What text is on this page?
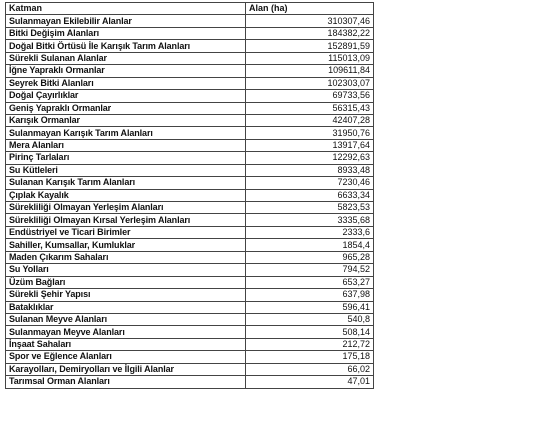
Katman	Alan (ha)
Sulanmayan Ekilebilir Alanlar	310307,46
Bitki Değişim Alanları	184382,22
Doğal Bitki Örtüsü İle Karışık Tarım Alanları	152891,59
Sürekli Sulanan Alanlar	115013,09
İğne Yapraklı Ormanlar	109611,84
Seyrek Bitki Alanları	102303,07
Doğal Çayırlıklar	69733,56
Geniş Yapraklı Ormanlar	56315,43
Karışık Ormanlar	42407,28
Sulanmayan Karışık Tarım Alanları	31950,76
Mera Alanları	13917,64
Pirinç Tarlaları	12292,63
Su Kütleleri	8933,48
Sulanan Karışık Tarım Alanları	7230,46
Çıplak Kayalık	6633,34
Sürekliliği Olmayan Yerleşim Alanları	5823,53
Sürekliliği Olmayan Kırsal Yerleşim Alanları	3335,68
Endüstriyel ve Ticari Birimler	2333,6
Sahiller, Kumsallar, Kumluklar	1854,4
Maden Çıkarım Sahaları	965,28
Su Yolları	794,52
Üzüm Bağları	653,27
Sürekli Şehir Yapısı	637,98
Bataklıklar	596,41
Sulanan Meyve Alanları	540,8
Sulanmayan Meyve Alanları	508,14
İnşaat Sahaları	212,72
Spor ve Eğlence Alanları	175,18
Karayolları, Demiryolları ve İlgili Alanlar	66,02
Tarımsal Orman Alanları	47,01
